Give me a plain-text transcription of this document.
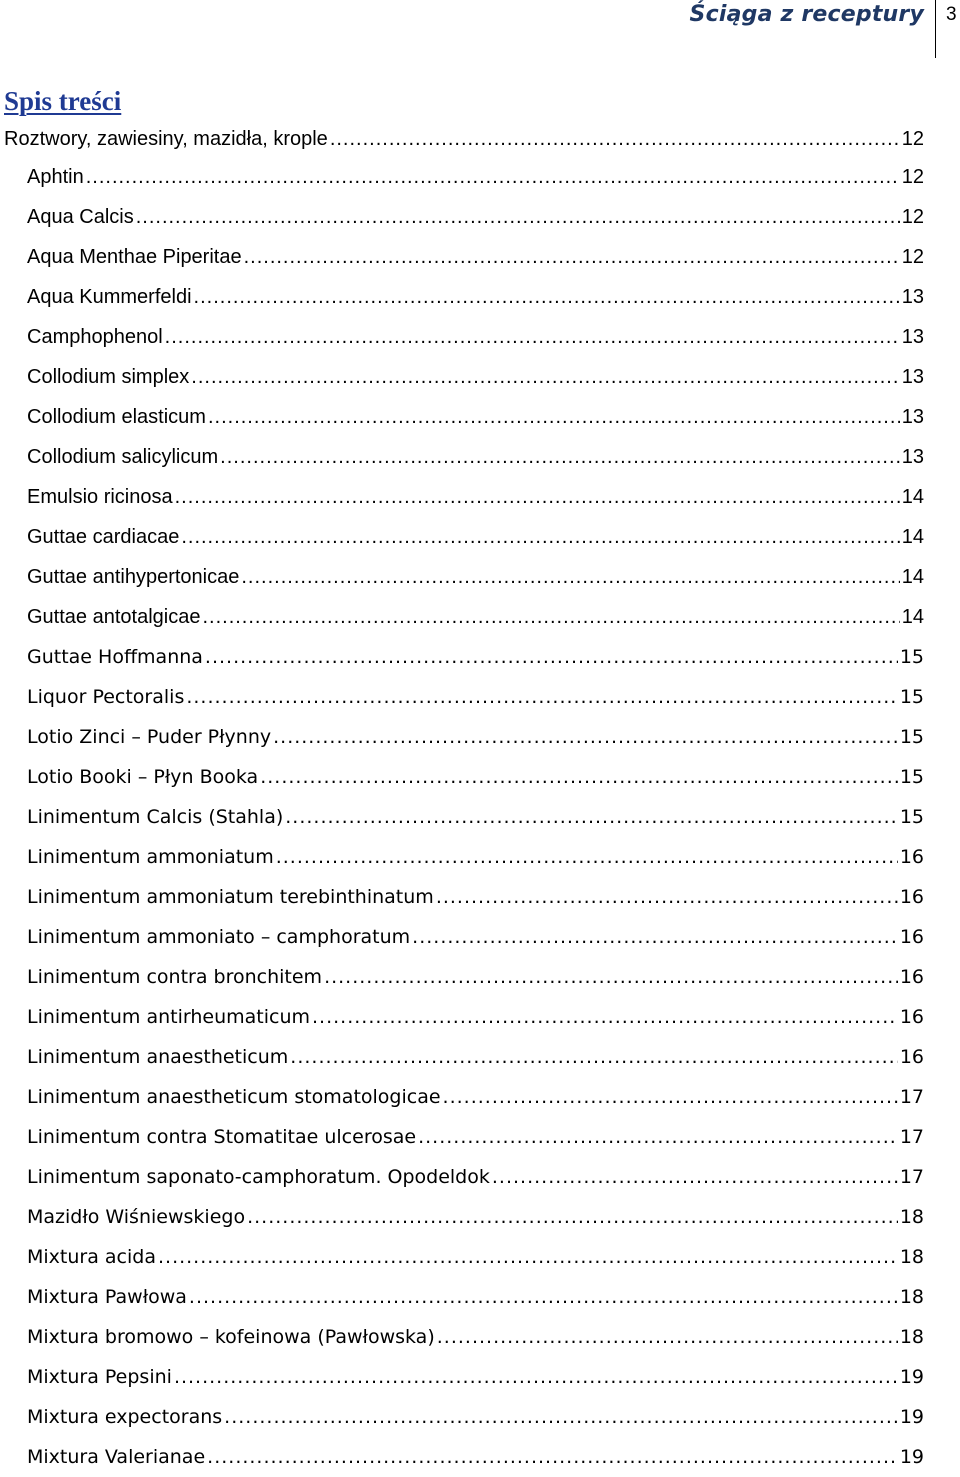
Ściąga z receptury 3
Spis treści
Roztwory, zawiesiny, mazidła, krople .....	12
Aphtin .....	12
Aqua Calcis .....	12
Aqua Menthae Piperitae .....	12
Aqua Kummerfeldi .....	13
Camphophenol .....	13
Collodium simplex .....	13
Collodium elasticum .....	13
Collodium salicylicum .....	13
Emulsio ricinosa .....	14
Guttae cardiacae .....	14
Guttae antihypertonicae .....	14
Guttae antotalgicae .....	14
Guttae Hoffmanna .....	15
Liquor Pectoralis .....	15
Lotio Zinci – Puder Płynny .....	15
Lotio Booki – Płyn Booka .....	15
Linimentum Calcis (Stahla) .....	15
Linimentum ammoniatum .....	16
Linimentum ammoniatum terebinthinatum .....	16
Linimentum ammoniato – camphoratum .....	16
Linimentum contra bronchitem .....	16
Linimentum antirheumaticum .....	16
Linimentum anaestheticum .....	16
Linimentum anaestheticum stomatologicae .....	17
Linimentum contra Stomatitae ulcerosae .....	17
Linimentum saponato-camphoratum. Opodeldok .....	17
Mazidło Wiśniewskiego .....	18
Mixtura acida .....	18
Mixtura Pawłowa .....	18
Mixtura bromowo – kofeinowa (Pawłowska) .....	18
Mixtura Pepsini .....	19
Mixtura expectorans .....	19
Mixtura Valerianae .....	19
